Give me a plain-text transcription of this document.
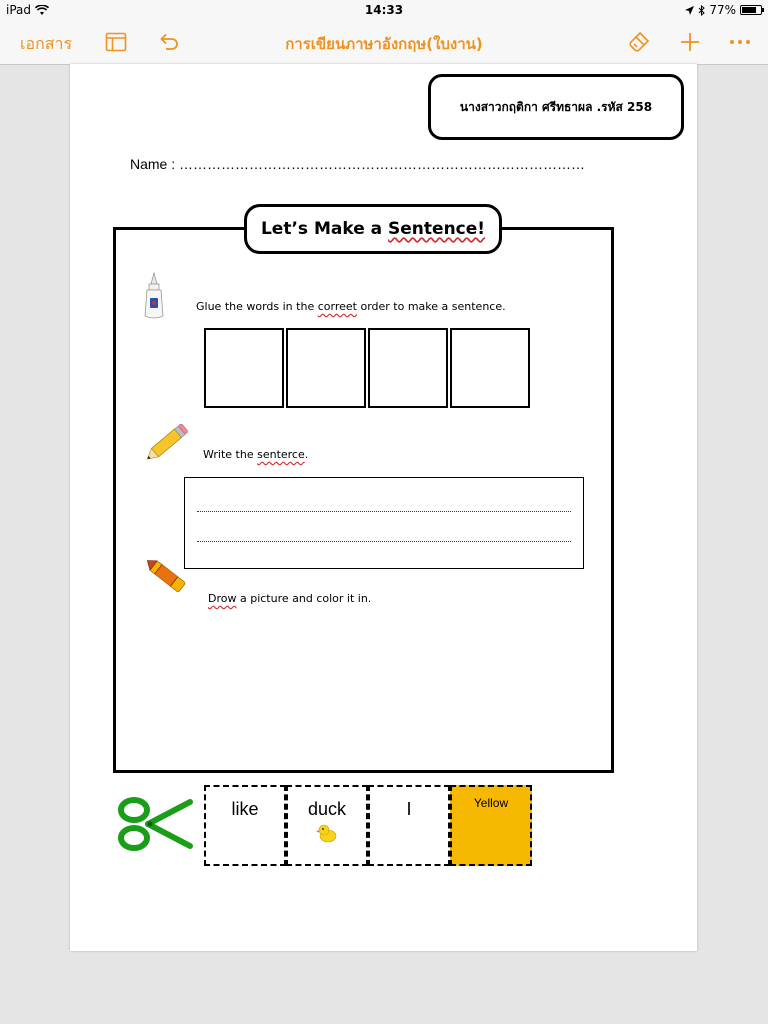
iPad	14:33	77%
เอกสาร	การเขียนภาษาอังกฤษ(ใบงาน)
นางสาวกฤติกา ศรีทธาผล .รหัส 258
Name : ……………………………………………………………………………
Let’s Make a Sentence!
Glue the words in the correet order to make a sentence.
Write the senterce.
Drow a picture and color it in.
like	duck	I	Yellow
